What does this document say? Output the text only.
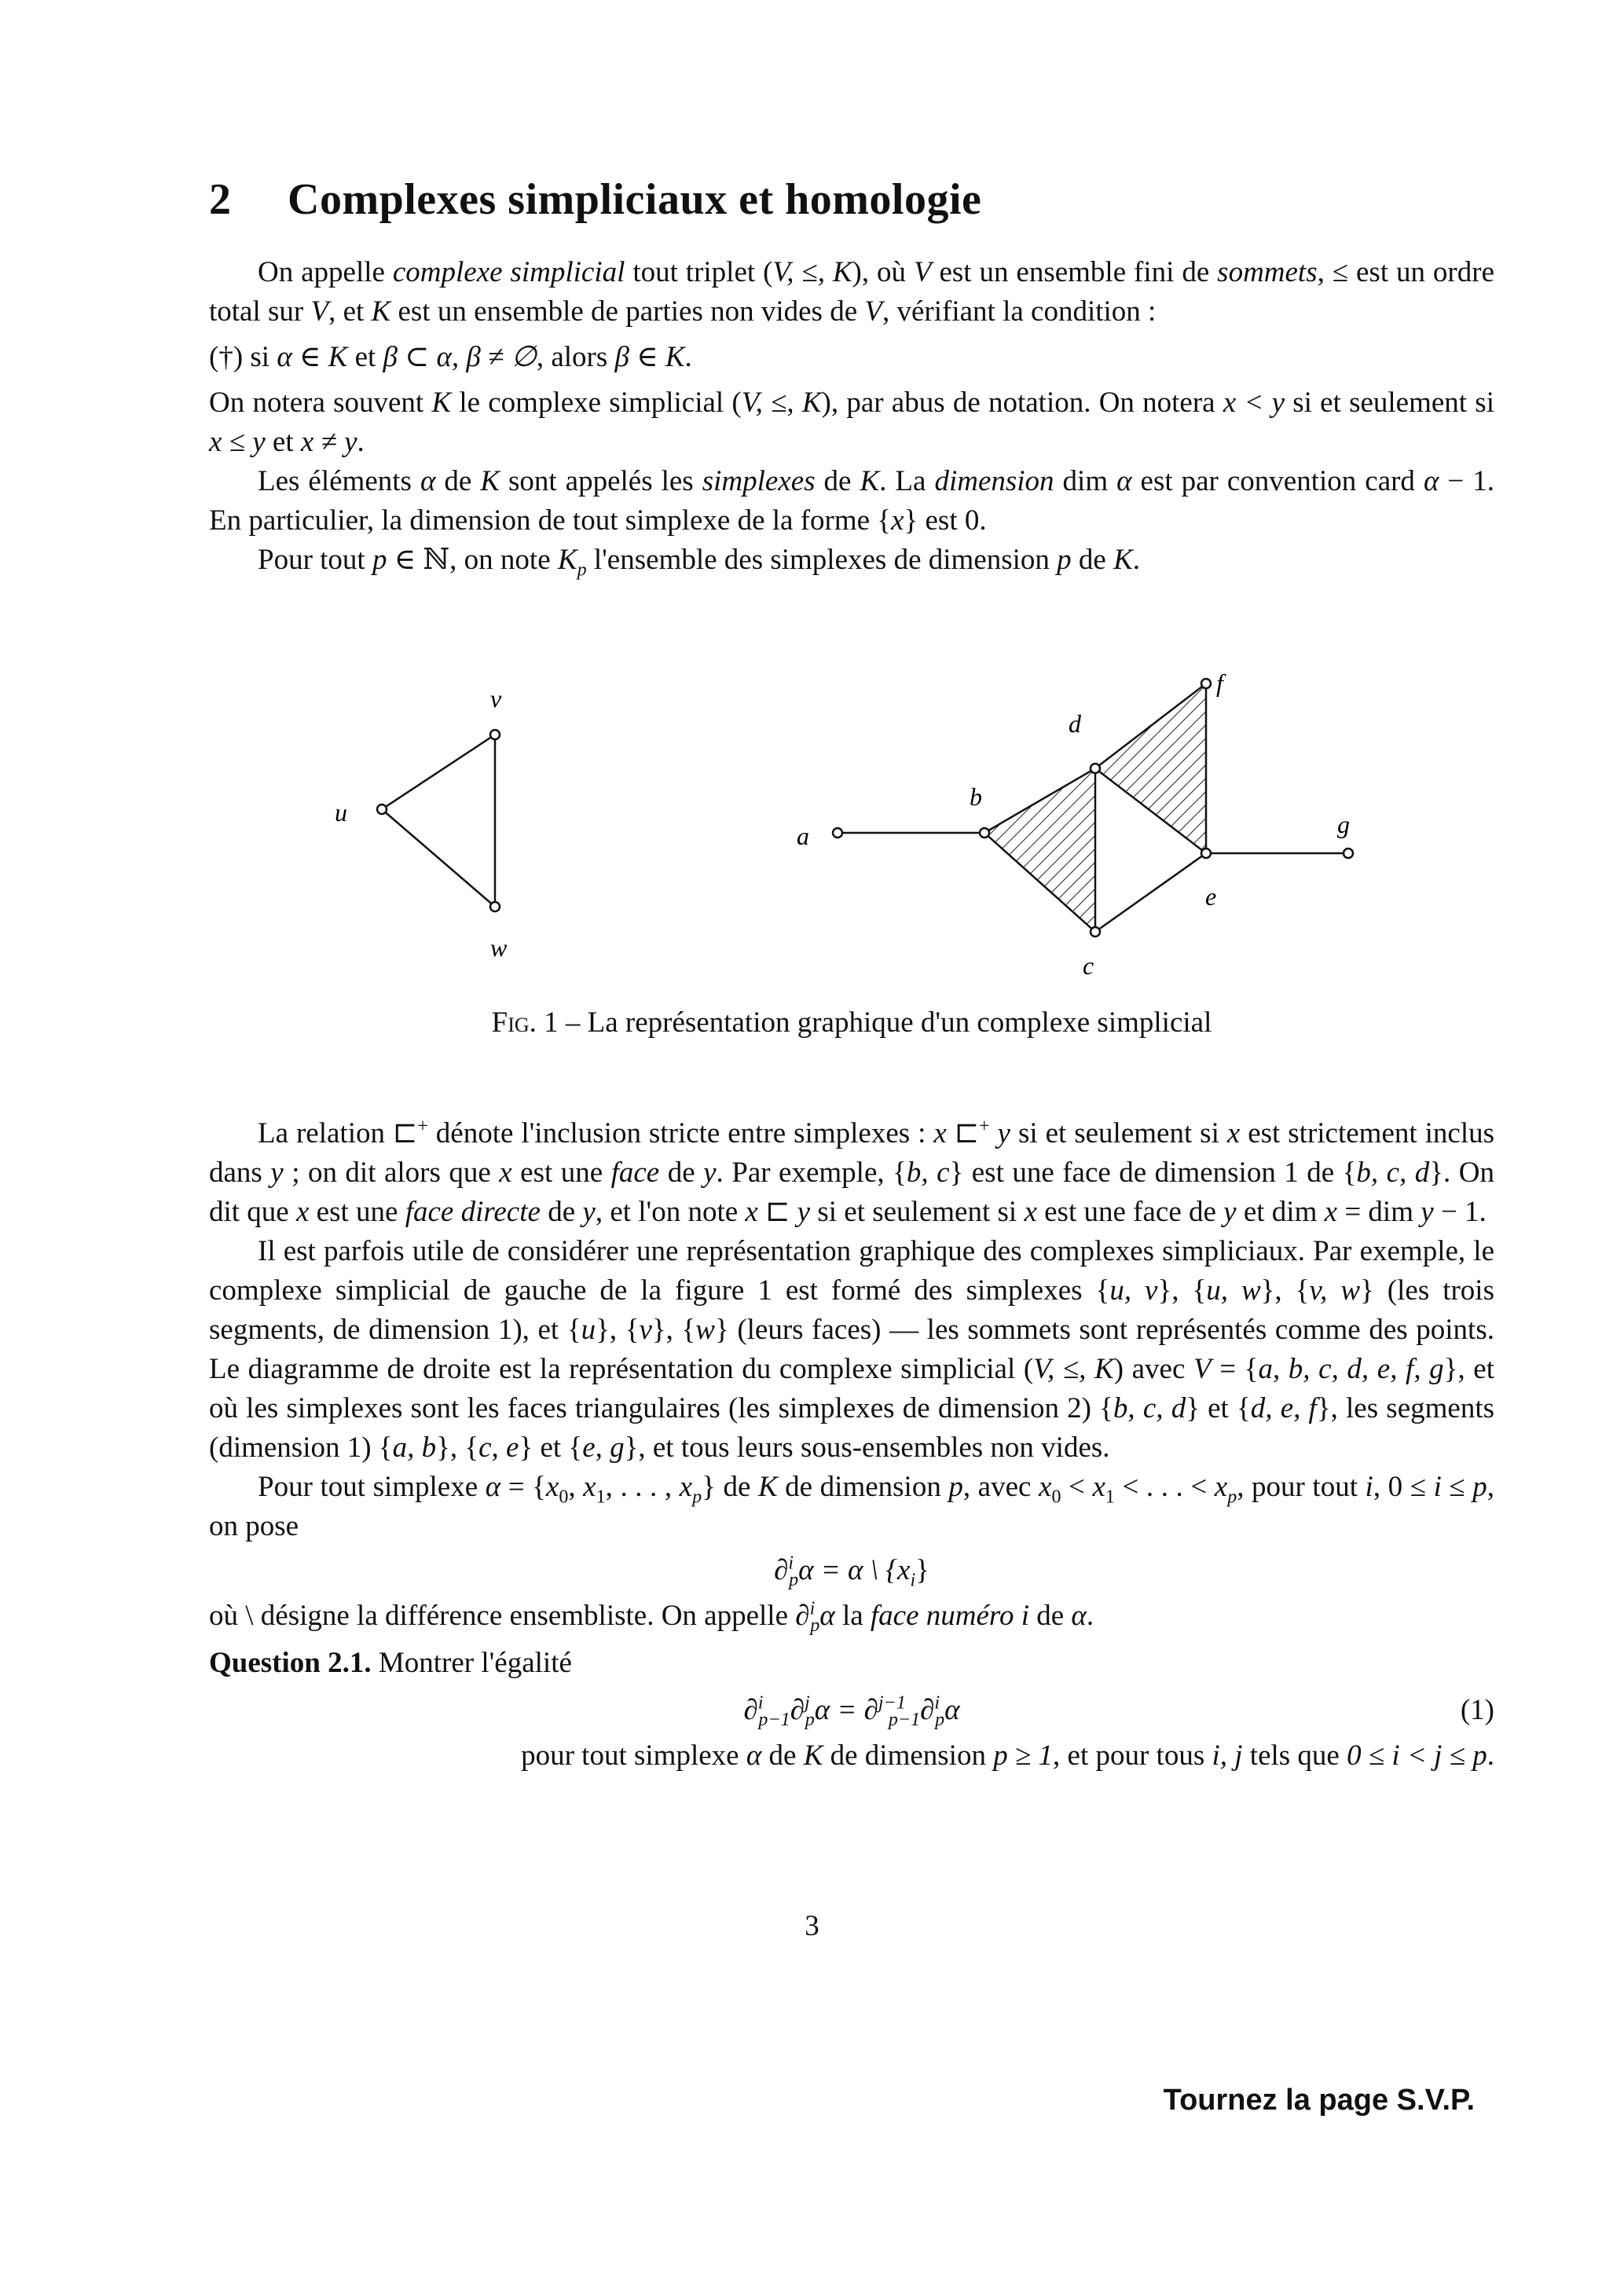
2 Complexes simpliciaux et homologie

On appelle complexe simplicial tout triplet (V, ≤, K), où V est un ensemble fini de sommets, ≤ est un ordre total sur V, et K est un ensemble de parties non vides de V, vérifiant la condition :

(†) si α ∈ K et β ⊂ α, β ≠ ∅, alors β ∈ K.

On notera souvent K le complexe simplicial (V, ≤, K), par abus de notation. On notera x < y si et seulement si x ≤ y et x ≠ y.

Les éléments α de K sont appelés les simplexes de K. La dimension dim α est par convention card α − 1. En particulier, la dimension de tout simplexe de la forme {x} est 0.

Pour tout p ∈ ℕ, on note $K_p$ l'ensemble des simplexes de dimension p de K.

u
v
w
a
b
c
d
e
f
g
Fig. 1 – La représentation graphique d'un complexe simplicial

La relation ⊏+ dénote l'inclusion stricte entre simplexes : x ⊏+ y si et seulement si x est strictement inclus dans y ; on dit alors que x est une face de y. Par exemple, {b, c} est une face de dimension 1 de {b, c, d}. On dit que x est une face directe de y, et l'on note x ⊏ y si et seulement si x est une face de y et dim x = dim y − 1.

Il est parfois utile de considérer une représentation graphique des complexes simpliciaux. Par exemple, le complexe simplicial de gauche de la figure 1 est formé des simplexes {u, v}, {u, w}, {v, w} (les trois segments, de dimension 1), et {u}, {v}, {w} (leurs faces) — les sommets sont représentés comme des points. Le diagramme de droite est la représentation du complexe simplicial (V, ≤, K) avec V = {a, b, c, d, e, f, g}, et où les simplexes sont les faces triangulaires (les simplexes de dimension 2) {b, c, d} et {d, e, f}, les segments (dimension 1) {a, b}, {c, e} et {e, g}, et tous leurs sous-ensembles non vides.

Pour tout simplexe $\alpha = \{x_0$, $x_1$, . . . , $x_p$} de K de dimension p, avec $x_0 < x_1$ < . . . < $x_p$, pour tout i, 0 ≤ i ≤ p, on pose

∂$^i_p$α = α \ $\{x_i\}$

où \ désigne la différence ensembliste. On appelle ∂$^i_p$α la face numéro i de α.

Question 2.1. Montrer l'égalité

∂$^i_{p-1}$∂$^j_p$α = ∂$^{j-1}_{p-1}$∂$^i_p$α	(1)

pour tout simplexe α de K de dimension p ≥ 1, et pour tous i, j tels que 0 ≤ i < j ≤ p.

3
Tournez la page S.V.P.
